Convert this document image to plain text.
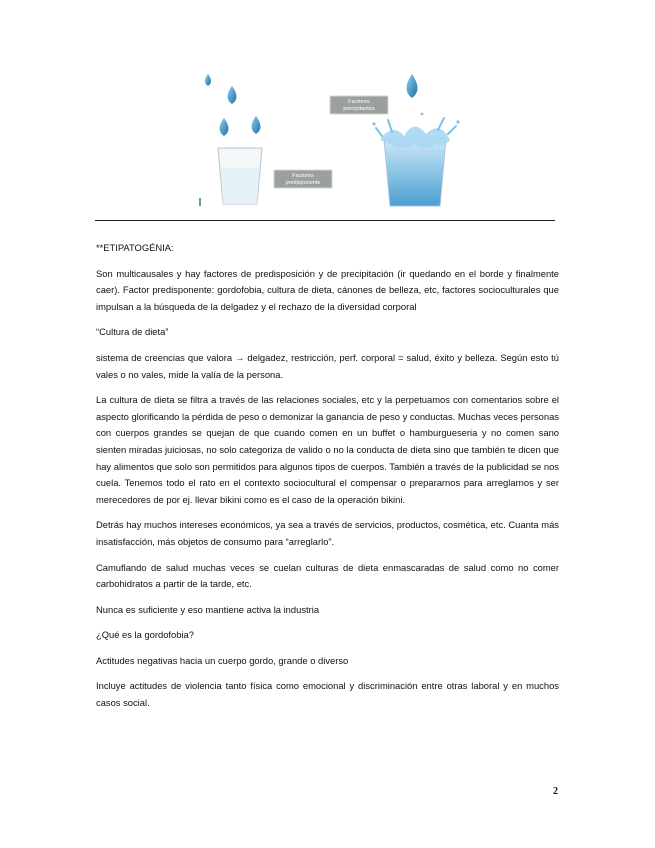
Factores
predisponente
Factores
precipitantes

**ETIPATOGÉNIA:

Son multicausales y hay factores de predisposición y de precipitación (ir quedando en el borde y finalmente caer). Factor predisponente: gordofobia, cultura de dieta, cánones de belleza, etc, factores socioculturales que impulsan a la búsqueda de la delgadez y el rechazo de la diversidad corporal

“Cultura de dieta”

sistema de creencias que valora → delgadez, restricción, perf. corporal = salud, éxito y belleza. Según esto tú vales o no vales, mide la valía de la persona.

La cultura de dieta se filtra a través de las relaciones sociales, etc y la perpetuamos con comentarios sobre el aspecto glorificando la pérdida de peso o demonizar la ganancia de peso y conductas. Muchas veces personas con cuerpos grandes se quejan de que cuando comen en un buffet o hamburgueseria y no comen sano sienten miradas juiciosas, no solo categoriza de valido o no la conducta de dieta sino que también te dicen que hay alimentos que solo son permitidos para algunos tipos de cuerpos. También a través de la publicidad se nos cuela. Tenemos todo el rato en el contexto sociocultural el compensar o prepararnos para arreglarnos y ser merecedores de por ej. llevar bikini como es el caso de la operación bikini.

Detrás hay muchos intereses económicos, ya sea a través de servicios, productos, cosmética, etc. Cuanta más insatisfacción, más objetos de consumo para “arreglarlo”.

Camuflando de salud muchas veces se cuelan culturas de dieta enmascaradas de salud como no comer carbohidratos a partir de la tarde, etc.

Nunca es suficiente y eso mantiene activa la industria

¿Qué es la gordofobia?

Actitudes negativas hacia un cuerpo gordo, grande o diverso

Incluye actitudes de violencia tanto física como emocional y discriminación entre otras laboral y en muchos casos social.

2
